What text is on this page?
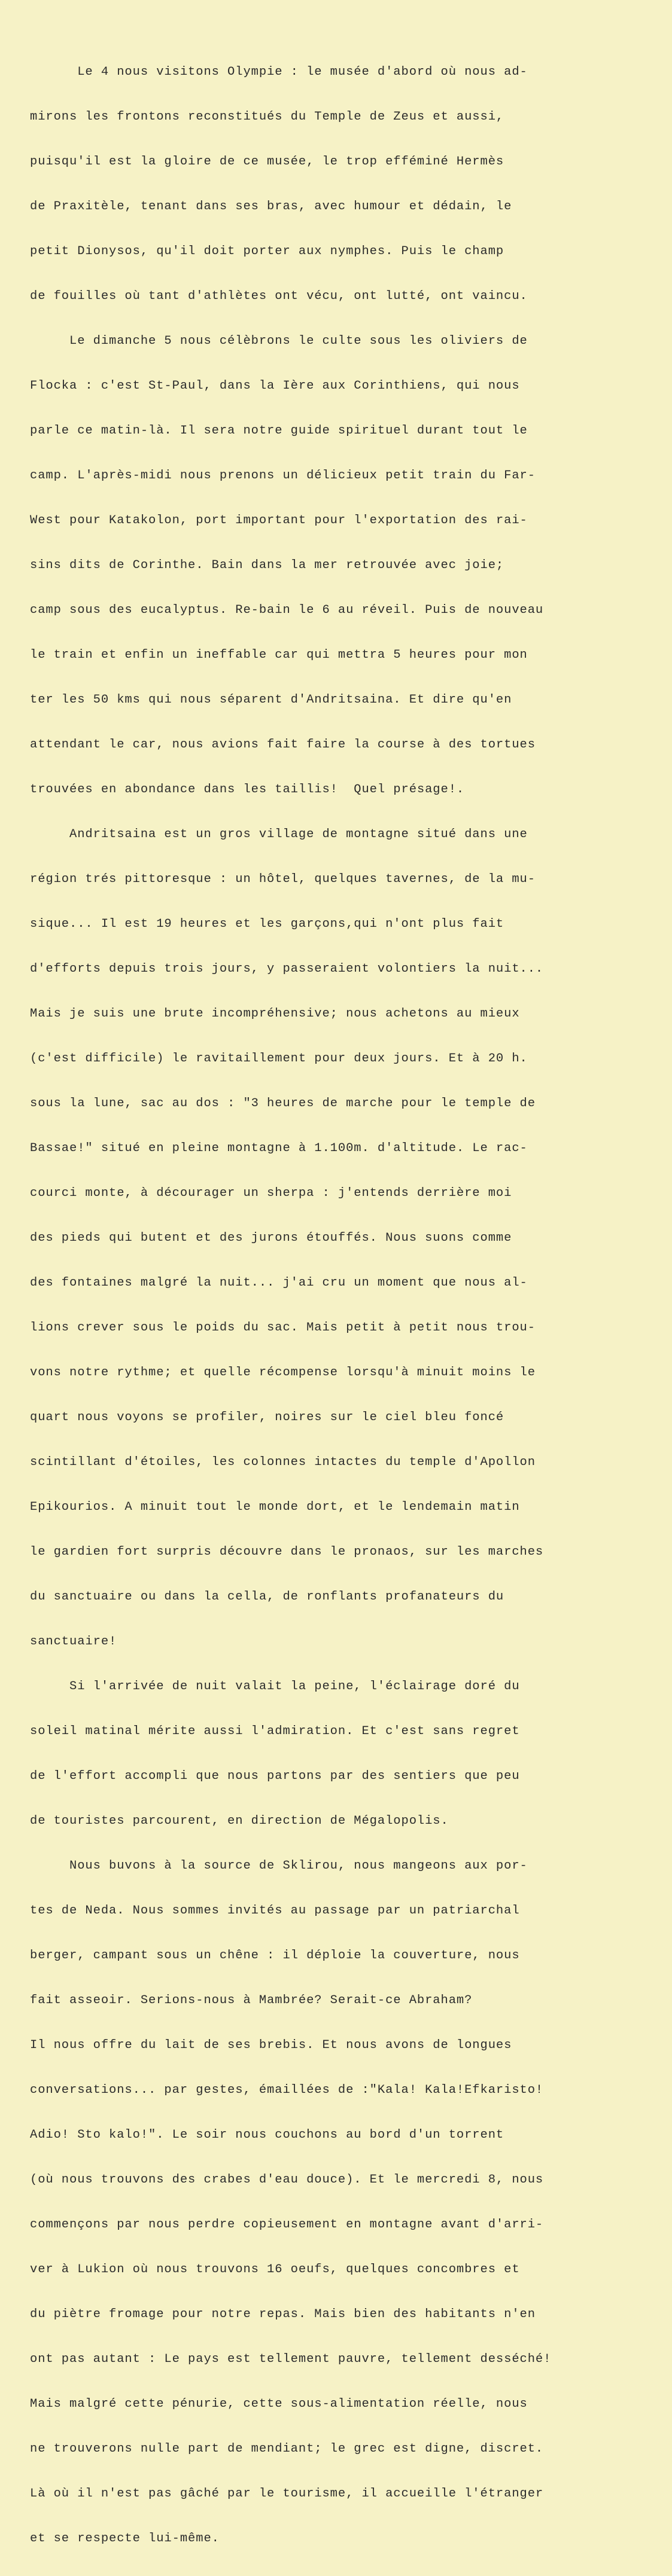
Le 4 nous visitons Olympie : le musée d'abord où nous ad-

mirons les frontons reconstitués du Temple de Zeus et aussi,

puisqu'il est la gloire de ce musée, le trop efféminé Hermès

de Praxitèle, tenant dans ses bras, avec humour et dédain, le

petit Dionysos, qu'il doit porter aux nymphes. Puis le champ

de fouilles où tant d'athlètes ont vécu, ont lutté, ont vaincu.

Le dimanche 5 nous célèbrons le culte sous les oliviers de

Flocka : c'est St-Paul, dans la Ière aux Corinthiens, qui nous

parle ce matin-là. Il sera notre guide spirituel durant tout le

camp. L'après-midi nous prenons un délicieux petit train du Far-

West pour Katakolon, port important pour l'exportation des rai-

sins dits de Corinthe. Bain dans la mer retrouvée avec joie;

camp sous des eucalyptus. Re-bain le 6 au réveil. Puis de nouveau

le train et enfin un ineffable car qui mettra 5 heures pour mon

ter les 50 kms qui nous séparent d'Andritsaina. Et dire qu'en

attendant le car, nous avions fait faire la course à des tortues

trouvées en abondance dans les taillis!  Quel présage!.

Andritsaina est un gros village de montagne situé dans une

région trés pittoresque : un hôtel, quelques tavernes, de la mu-

sique... Il est 19 heures et les garçons,qui n'ont plus fait

d'efforts depuis trois jours, y passeraient volontiers la nuit...

Mais je suis une brute incompréhensive; nous achetons au mieux

(c'est difficile) le ravitaillement pour deux jours. Et à 20 h.

sous la lune, sac au dos : "3 heures de marche pour le temple de

Bassae!" situé en pleine montagne à 1.100m. d'altitude. Le rac-

courci monte, à décourager un sherpa : j'entends derrière moi

des pieds qui butent et des jurons étouffés. Nous suons comme

des fontaines malgré la nuit... j'ai cru un moment que nous al-

lions crever sous le poids du sac. Mais petit à petit nous trou-

vons notre rythme; et quelle récompense lorsqu'à minuit moins le

quart nous voyons se profiler, noires sur le ciel bleu foncé

scintillant d'étoiles, les colonnes intactes du temple d'Apollon

Epikourios. A minuit tout le monde dort, et le lendemain matin

le gardien fort surpris découvre dans le pronaos, sur les marches

du sanctuaire ou dans la cella, de ronflants profanateurs du

sanctuaire!

Si l'arrivée de nuit valait la peine, l'éclairage doré du

soleil matinal mérite aussi l'admiration. Et c'est sans regret

de l'effort accompli que nous partons par des sentiers que peu

de touristes parcourent, en direction de Mégalopolis.

Nous buvons à la source de Sklirou, nous mangeons aux por-

tes de Neda. Nous sommes invités au passage par un patriarchal

berger, campant sous un chêne : il déploie la couverture, nous

fait asseoir. Serions-nous à Mambrée? Serait-ce Abraham?

Il nous offre du lait de ses brebis. Et nous avons de longues

conversations... par gestes, émaillées de :"Kala! Kala!Efkaristo!

Adio! Sto kalo!". Le soir nous couchons au bord d'un torrent

(où nous trouvons des crabes d'eau douce). Et le mercredi 8, nous

commençons par nous perdre copieusement en montagne avant d'arri-

ver à Lukion où nous trouvons 16 oeufs, quelques concombres et

du piètre fromage pour notre repas. Mais bien des habitants n'en

ont pas autant : Le pays est tellement pauvre, tellement desséché!

Mais malgré cette pénurie, cette sous-alimentation réelle, nous

ne trouverons nulle part de mendiant; le grec est digne, discret.

Là où il n'est pas gâché par le tourisme, il accueille l'étranger

et se respecte lui-même.
